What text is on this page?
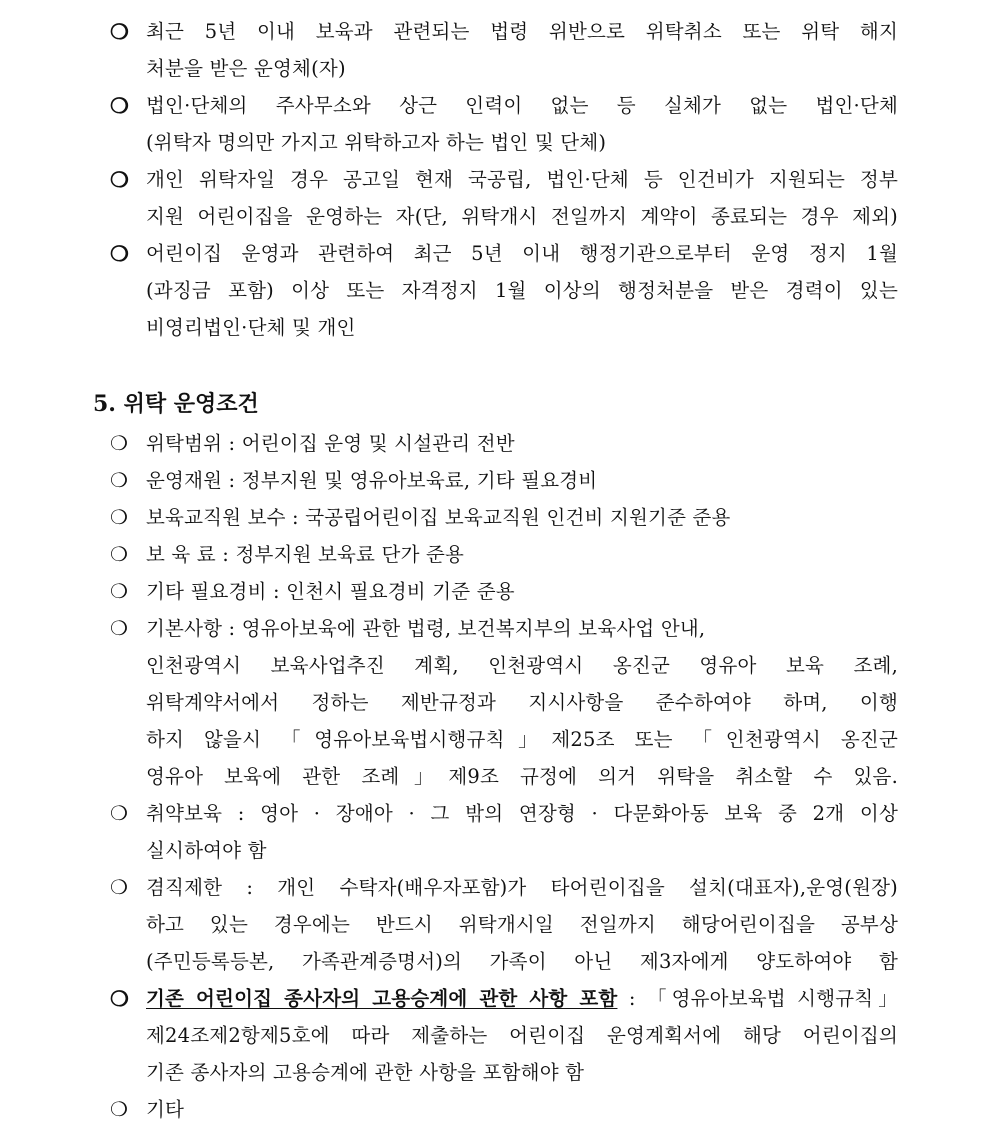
❍ 최근 5년 이내 보육과 관련되는 법령 위반으로 위탁취소 또는 위탁 해지
처분을 받은 운영체(자)
❍ 법인·단체의 주사무소와 상근 인력이 없는 등 실체가 없는 법인·단체
(위탁자 명의만 가지고 위탁하고자 하는 법인 및 단체)
❍ 개인 위탁자일 경우 공고일 현재 국공립, 법인·단체 등 인건비가 지원되는 정부
지원 어린이집을 운영하는 자(단, 위탁개시 전일까지 계약이 종료되는 경우 제외)
❍ 어린이집 운영과 관련하여 최근 5년 이내 행정기관으로부터 운영 정지 1월
(과징금 포함) 이상 또는 자격정지 1월 이상의 행정처분을 받은 경력이 있는
비영리법인·단체 및 개인
5. 위탁 운영조건
❍ 위탁범위 : 어린이집 운영 및 시설관리 전반
❍ 운영재원 : 정부지원 및 영유아보육료, 기타 필요경비
❍ 보육교직원 보수 : 국공립어린이집 보육교직원 인건비 지원기준 준용
❍ 보 육 료 : 정부지원 보육료 단가 준용
❍ 기타 필요경비 : 인천시 필요경비 기준 준용
❍ 기본사항 : 영유아보육에 관한 법령, 보건복지부의 보육사업 안내,
인천광역시 보육사업추진 계획, 인천광역시 옹진군 영유아 보육 조례,
위탁계약서에서 정하는 제반규정과 지시사항을 준수하여야 하며, 이행
하지 않을시 「영유아보육법시행규칙」제25조 또는 「인천광역시 옹진군
영유아 보육에 관한 조례」제9조 규정에 의거 위탁을 취소할 수 있음.
❍ 취약보육 : 영아 · 장애아 · 그 밖의 연장형 · 다문화아동 보육 중 2개 이상
실시하여야 함
❍ 겸직제한 : 개인 수탁자(배우자포함)가 타어린이집을 설치(대표자),운영(원장)
하고 있는 경우에는 반드시 위탁개시일 전일까지 해당어린이집을 공부상
(주민등록등본, 가족관계증명서)의 가족이 아닌 제3자에게 양도하여야 함
❍ 기존 어린이집 종사자의 고용승계에 관한 사항 포함 : 「영유아보육법 시행규칙」
제24조제2항제5호에 따라 제출하는 어린이집 운영계획서에 해당 어린이집의
기존 종사자의 고용승계에 관한 사항을 포함해야 함
❍ 기타
